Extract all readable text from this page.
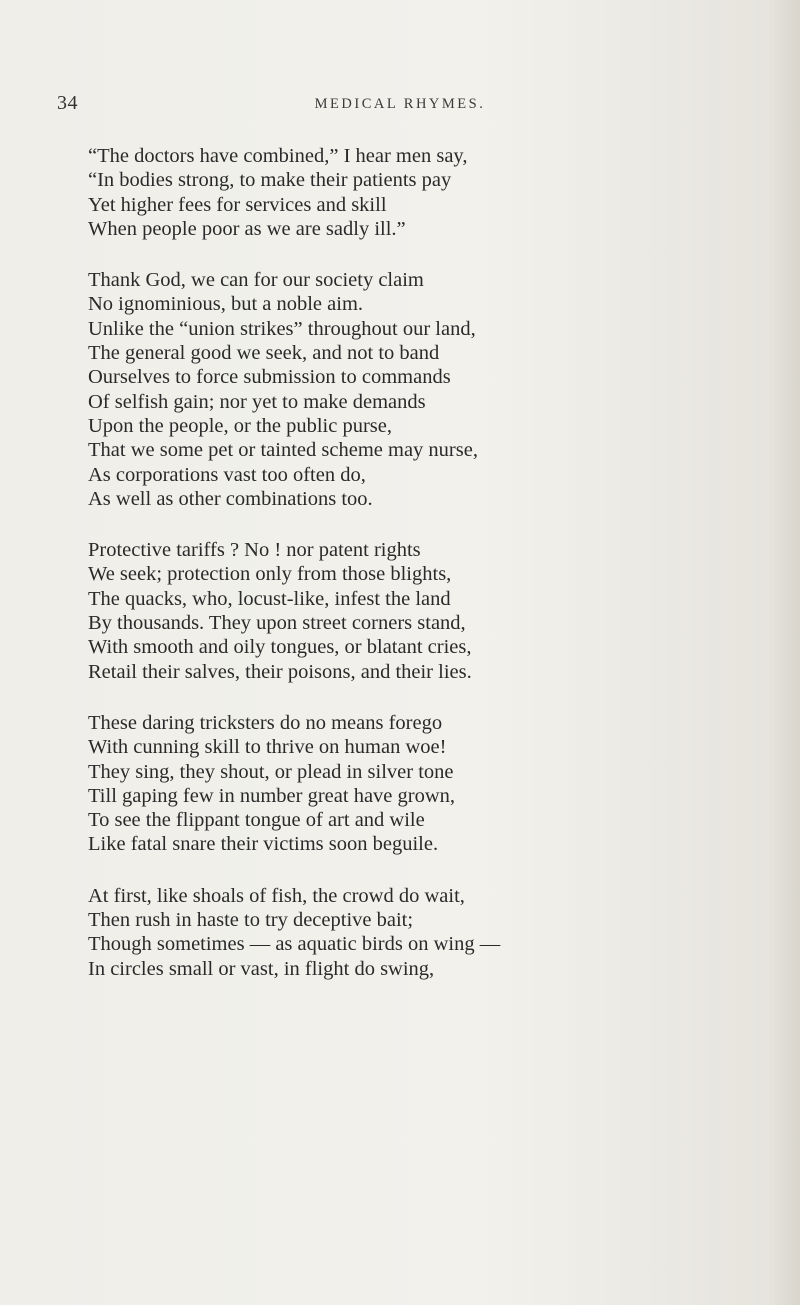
34	MEDICAL RHYMES.
“The doctors have combined,” I hear men say,
“In bodies strong, to make their patients pay
Yet higher fees for services and skill
When people poor as we are sadly ill.”
Thank God, we can for our society claim
No ignominious, but a noble aim.
Unlike the “union strikes” throughout our land,
The general good we seek, and not to band
Ourselves to force submission to commands
Of selfish gain; nor yet to make demands
Upon the people, or the public purse,
That we some pet or tainted scheme may nurse,
As corporations vast too often do,
As well as other combinations too.
Protective tariffs ? No ! nor patent rights
We seek; protection only from those blights,
The quacks, who, locust-like, infest the land
By thousands. They upon street corners stand,
With smooth and oily tongues, or blatant cries,
Retail their salves, their poisons, and their lies.
These daring tricksters do no means forego
With cunning skill to thrive on human woe!
They sing, they shout, or plead in silver tone
Till gaping few in number great have grown,
To see the flippant tongue of art and wile
Like fatal snare their victims soon beguile.
At first, like shoals of fish, the crowd do wait,
Then rush in haste to try deceptive bait;
Though sometimes — as aquatic birds on wing —
In circles small or vast, in flight do swing,
